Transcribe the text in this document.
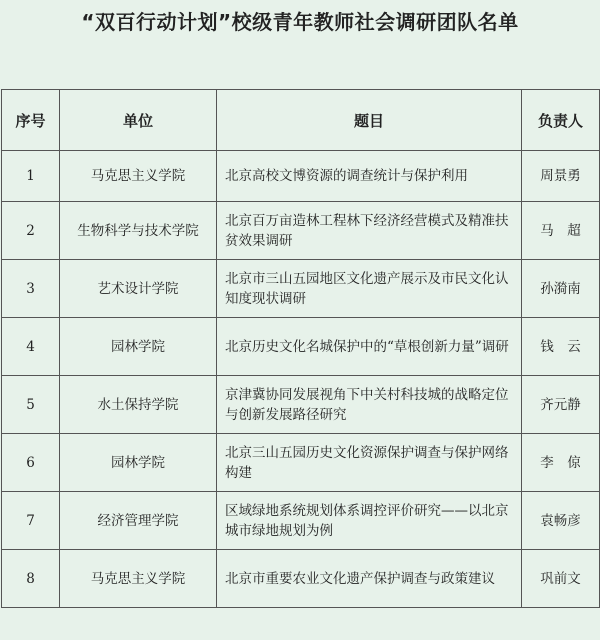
“双百行动计划”校级青年教师社会调研团队名单
序号	单位	题目	负责人
1	马克思主义学院	北京高校文博资源的调查统计与保护利用	周景勇
2	生物科学与技术学院	北京百万亩造林工程林下经济经营模式及精准扶贫效果调研	马　超
3	艺术设计学院	北京市三山五园地区文化遗产展示及市民文化认知度现状调研	孙漪南
4	园林学院	北京历史文化名城保护中的“草根创新力量”调研	钱　云
5	水土保持学院	京津冀协同发展视角下中关村科技城的战略定位与创新发展路径研究	齐元静
6	园林学院	北京三山五园历史文化资源保护调查与保护网络构建	李　倞
7	经济管理学院	区域绿地系统规划体系调控评价研究——以北京城市绿地规划为例	袁畅彦
8	马克思主义学院	北京市重要农业文化遗产保护调查与政策建议	巩前文
